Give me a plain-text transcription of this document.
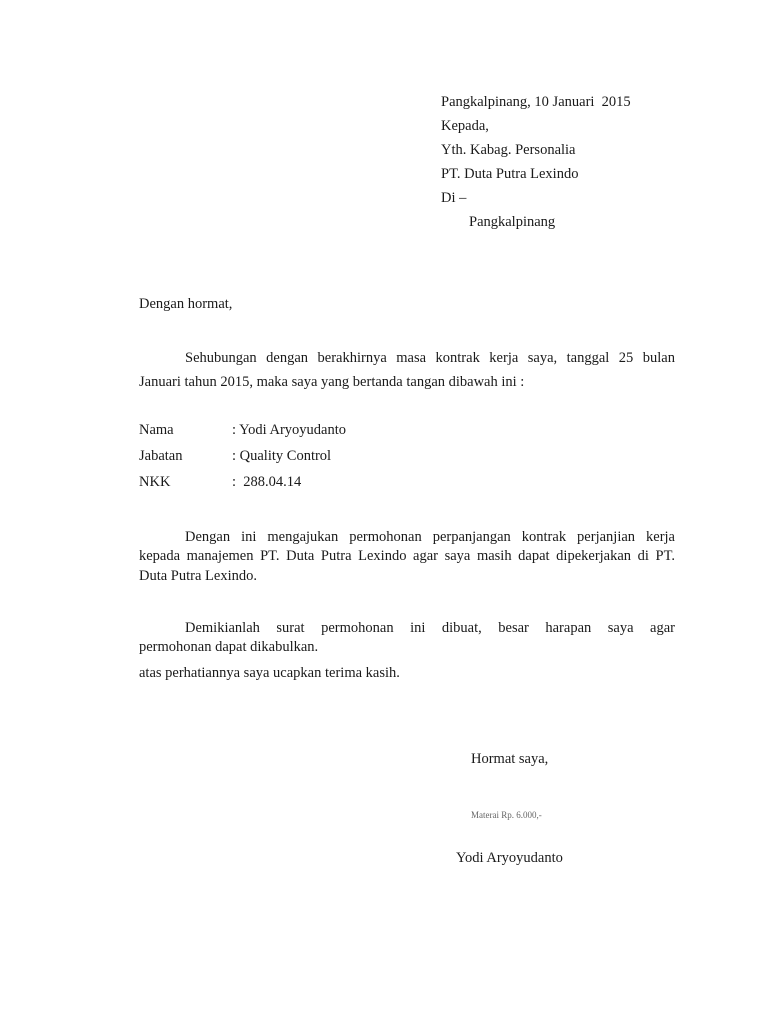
Pangkalpinang, 10 Januari  2015
Kepada,
Yth. Kabag. Personalia
PT. Duta Putra Lexindo
Di –
Pangkalpinang
Dengan hormat,
Sehubungan dengan berakhirnya masa kontrak kerja saya, tanggal 25 bulan
Januari tahun 2015, maka saya yang bertanda tangan dibawah ini :
Nama	: Yodi Aryoyudanto
Jabatan	: Quality Control
NKK	:  288.04.14
Dengan ini mengajukan permohonan perpanjangan kontrak perjanjian kerja
kepada manajemen PT. Duta Putra Lexindo agar saya masih dapat dipekerjakan di PT.
Duta Putra Lexindo.
Demikianlah surat permohonan ini dibuat, besar harapan saya agar
permohonan dapat dikabulkan.
atas perhatiannya saya ucapkan terima kasih.
Hormat saya,
Materai Rp. 6.000,-
Yodi Aryoyudanto
